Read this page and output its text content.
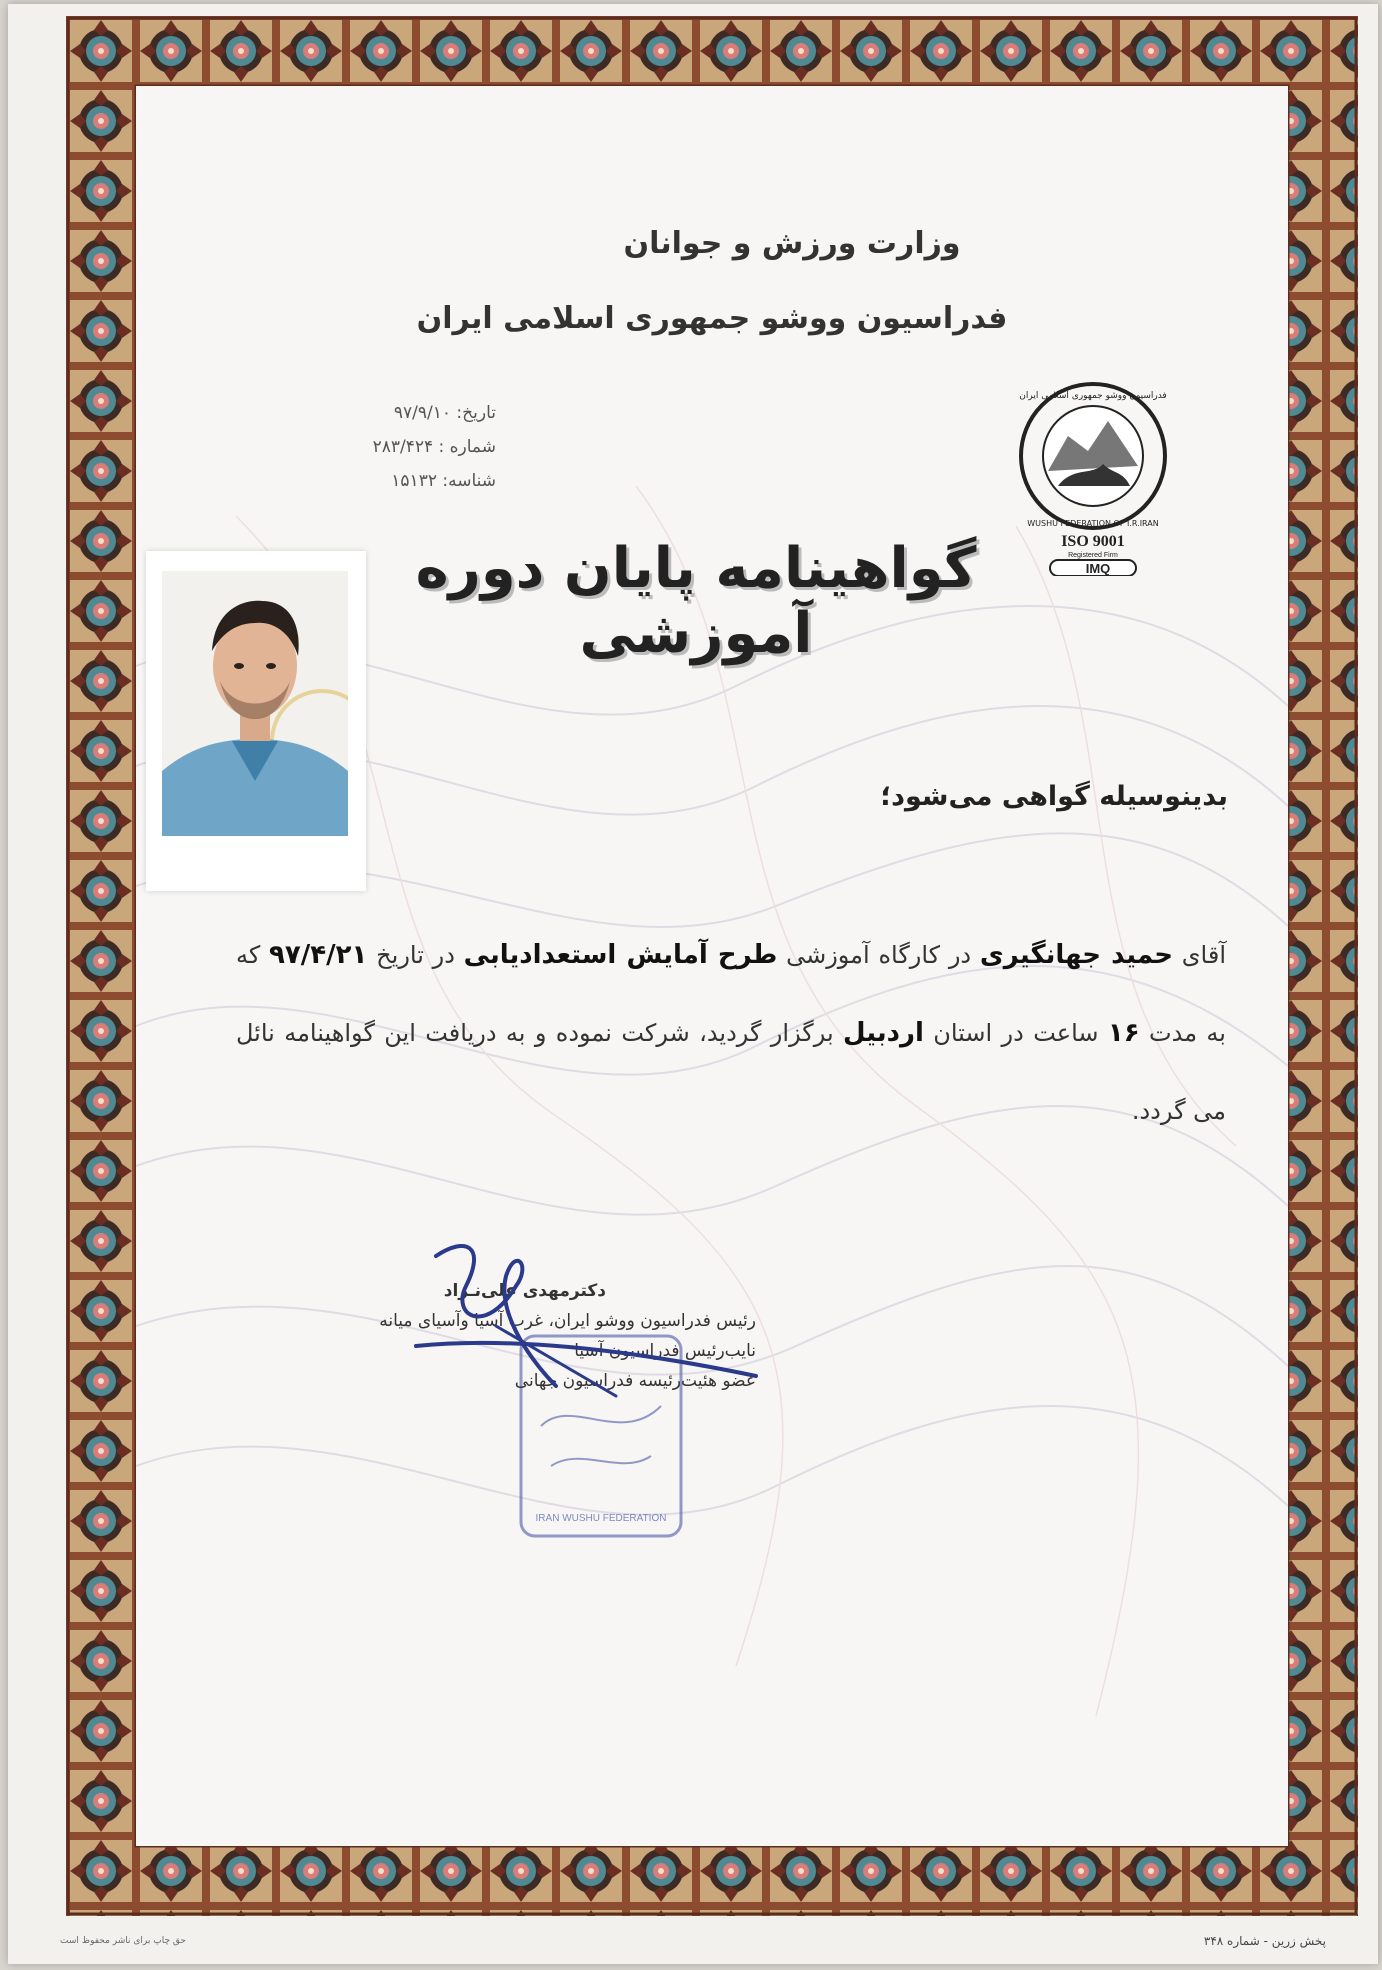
وزارت ورزش و جوانان
فدراسیون ووشو جمهوری اسلامی ایران
تاریخ: ۹۷/۹/۱۰
شماره : ۲۸۳/۴۲۴
شناسه: ۱۵۱۳۲
فدراسیون ووشو جمهوری اسلامی ایران
WUSHU FEDERATION OF I.R.IRAN
ISO 9001
Registered Firm
IMQ
گواهینامه پایان دوره آموزشی
بدینوسیله گواهی می‌شود؛
آقای حمید جهانگیری در کارگاه آموزشی طرح آمایش استعدادیابی در تاریخ ۹۷/۴/۲۱ که به مدت ۱۶ ساعت در استان اردبیل برگزار گردید، شرکت نموده و به دریافت این گواهینامه نائل می گردد.
IRAN WUSHU FEDERATION
دکترمهدی علی‌نـژاد
رئیس فدراسیون ووشو ایران، غرب آسیا وآسیای میانه
نایب‌رئیس فدراسیون آسیا
عضو هئیت‌رئیسه فدراسیون جهانی
پخش زرین - شماره ۳۴۸
حق چاپ برای ناشر محفوظ است
